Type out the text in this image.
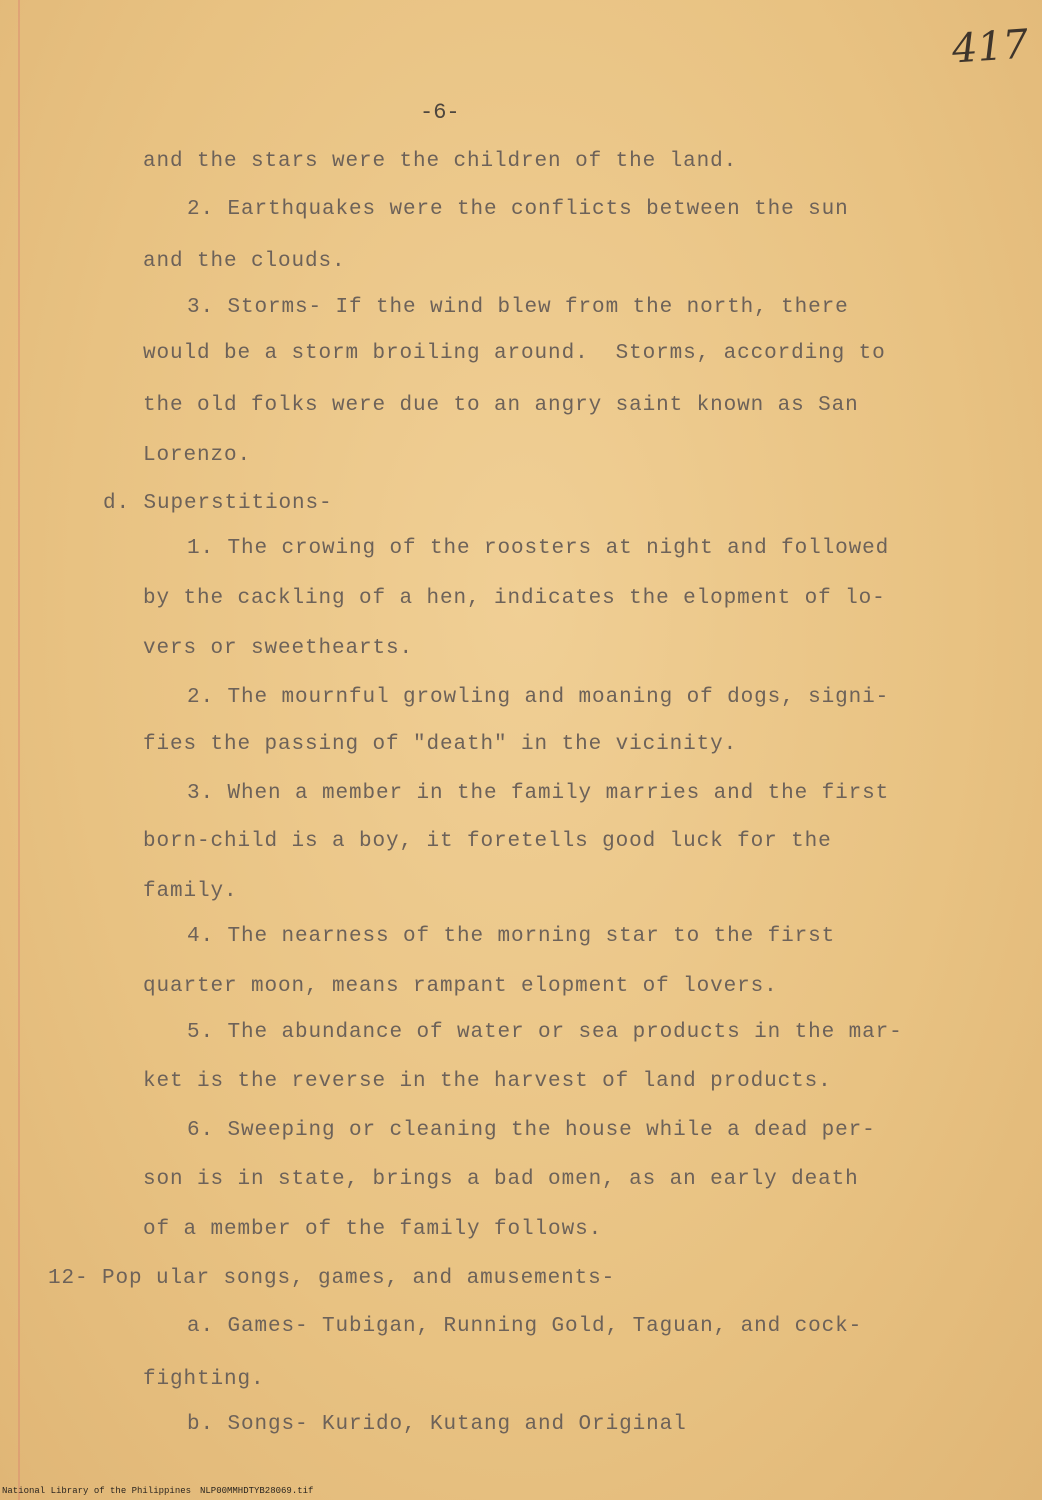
417
-6-
and the stars were the children of the land.
2. Earthquakes were the conflicts between the sun
and the clouds.
3. Storms- If the wind blew from the north, there
would be a storm broiling around.  Storms, according to
the old folks were due to an angry saint known as San
Lorenzo.
d. Superstitions-
1. The crowing of the roosters at night and followed
by the cackling of a hen, indicates the elopment of lo-
vers or sweethearts.
2. The mournful growling and moaning of dogs, signi-
fies the passing of "death" in the vicinity.
3. When a member in the family marries and the first
born-child is a boy, it foretells good luck for the
family.
4. The nearness of the morning star to the first
quarter moon, means rampant elopment of lovers.
5. The abundance of water or sea products in the mar-
ket is the reverse in the harvest of land products.
6. Sweeping or cleaning the house while a dead per-
son is in state, brings a bad omen, as an early death
of a member of the family follows.
12- Pop ular songs, games, and amusements-
a. Games- Tubigan, Running Gold, Taguan, and cock-
fighting.
b. Songs- Kurido, Kutang and Original
National Library of the Philippines NLP00MMHDTYB28069.tif
